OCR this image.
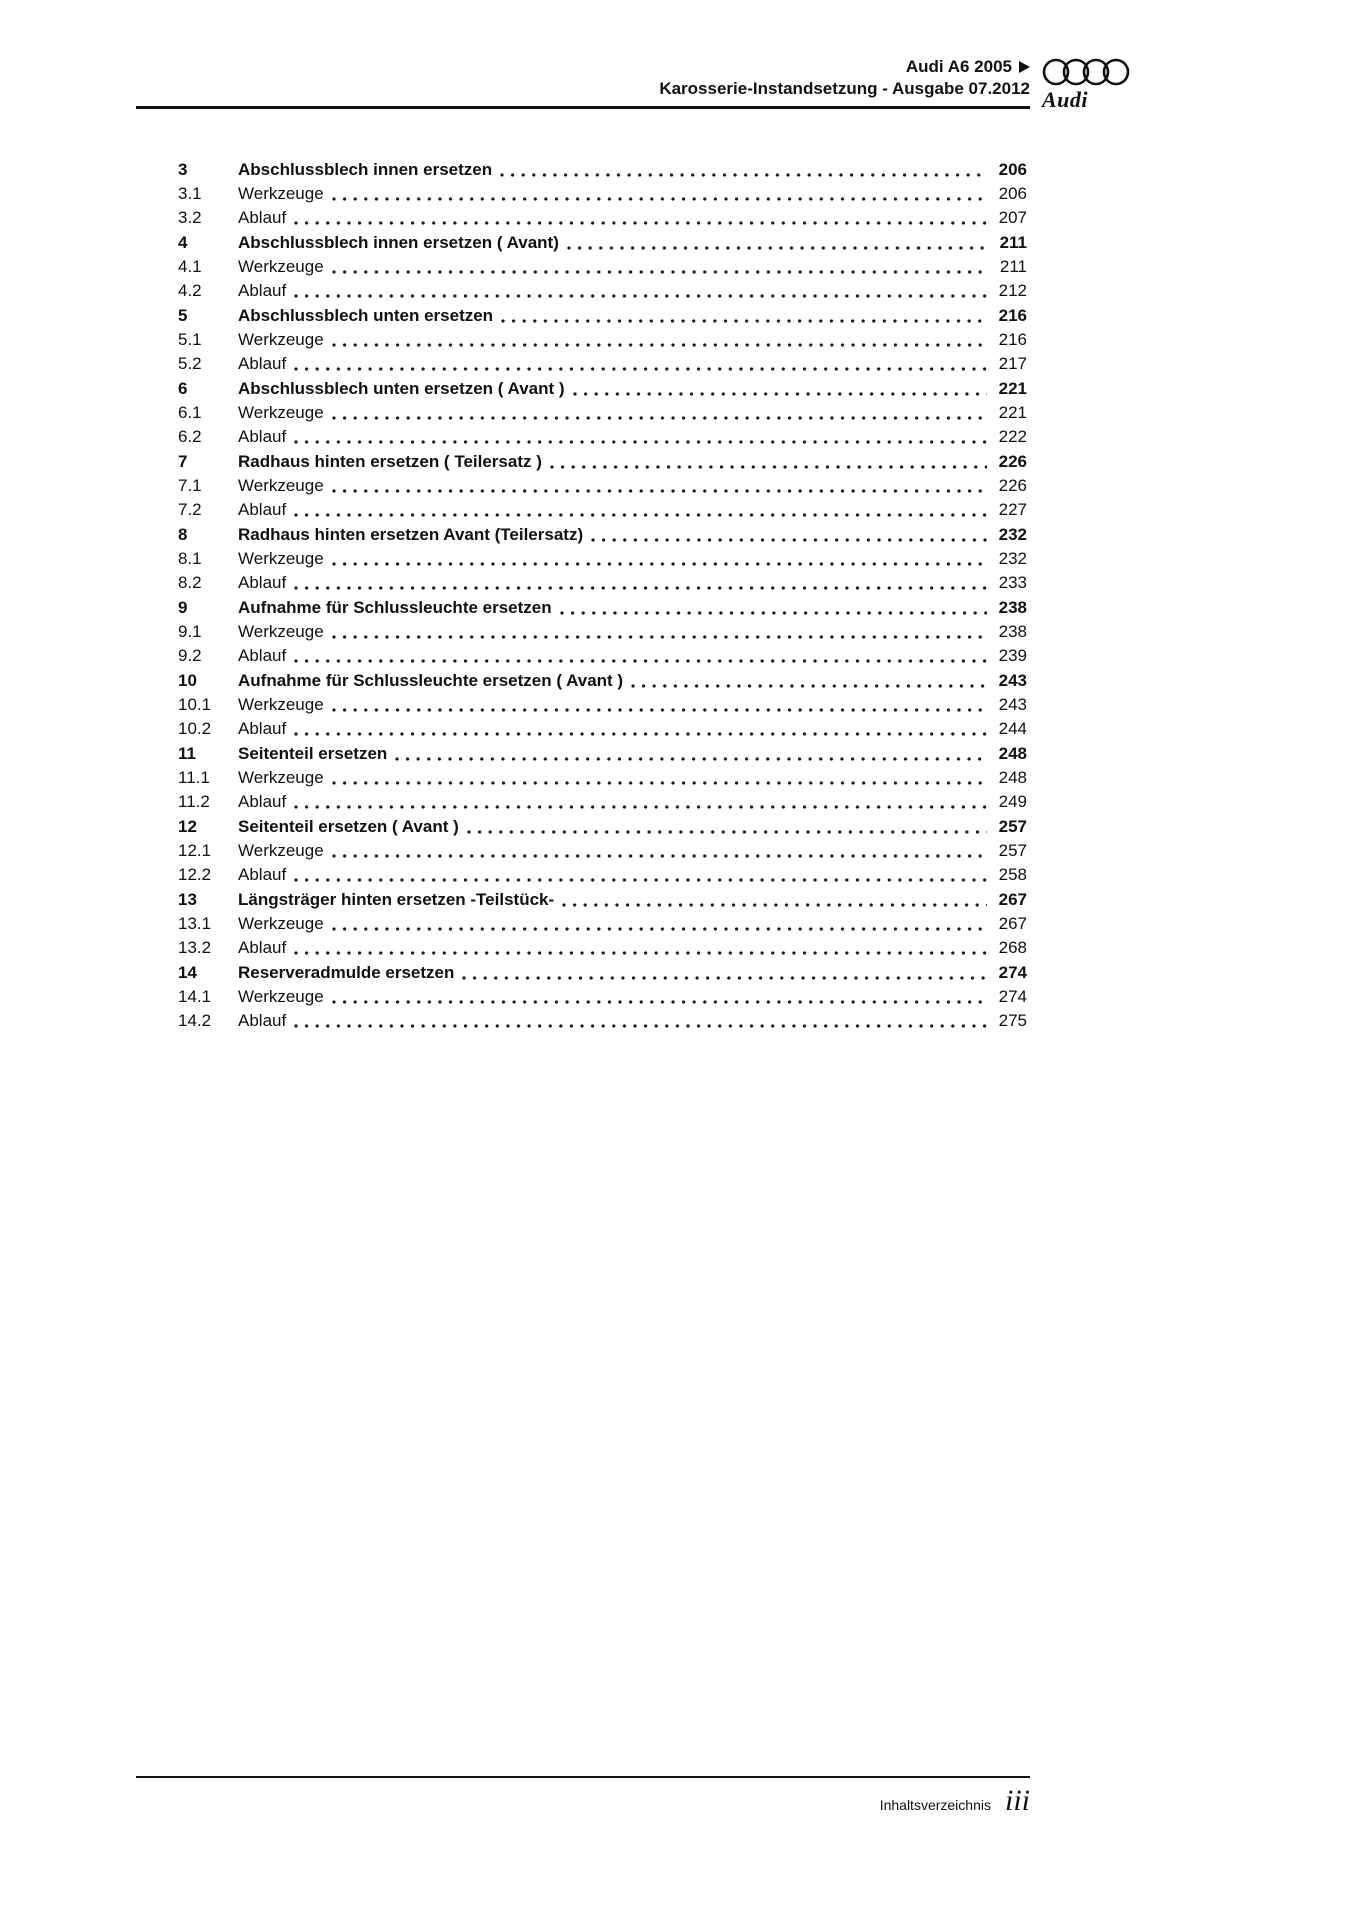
Audi A6 2005
Karosserie-Instandsetzung - Ausgabe 07.2012 Audi
3	Abschlussblech innen ersetzen	206
3.1	Werkzeuge	206
3.2	Ablauf	207
4	Abschlussblech innen ersetzen ( Avant)	211
4.1	Werkzeuge	211
4.2	Ablauf	212
5	Abschlussblech unten ersetzen	216
5.1	Werkzeuge	216
5.2	Ablauf	217
6	Abschlussblech unten ersetzen ( Avant )	221
6.1	Werkzeuge	221
6.2	Ablauf	222
7	Radhaus hinten ersetzen ( Teilersatz )	226
7.1	Werkzeuge	226
7.2	Ablauf	227
8	Radhaus hinten ersetzen Avant (Teilersatz)	232
8.1	Werkzeuge	232
8.2	Ablauf	233
9	Aufnahme für Schlussleuchte ersetzen	238
9.1	Werkzeuge	238
9.2	Ablauf	239
10	Aufnahme für Schlussleuchte ersetzen ( Avant )	243
10.1	Werkzeuge	243
10.2	Ablauf	244
11	Seitenteil ersetzen	248
11.1	Werkzeuge	248
11.2	Ablauf	249
12	Seitenteil ersetzen ( Avant )	257
12.1	Werkzeuge	257
12.2	Ablauf	258
13	Längsträger hinten ersetzen -Teilstück-	267
13.1	Werkzeuge	267
13.2	Ablauf	268
14	Reserveradmulde ersetzen	274
14.1	Werkzeuge	274
14.2	Ablauf	275
Inhaltsverzeichnis iii
